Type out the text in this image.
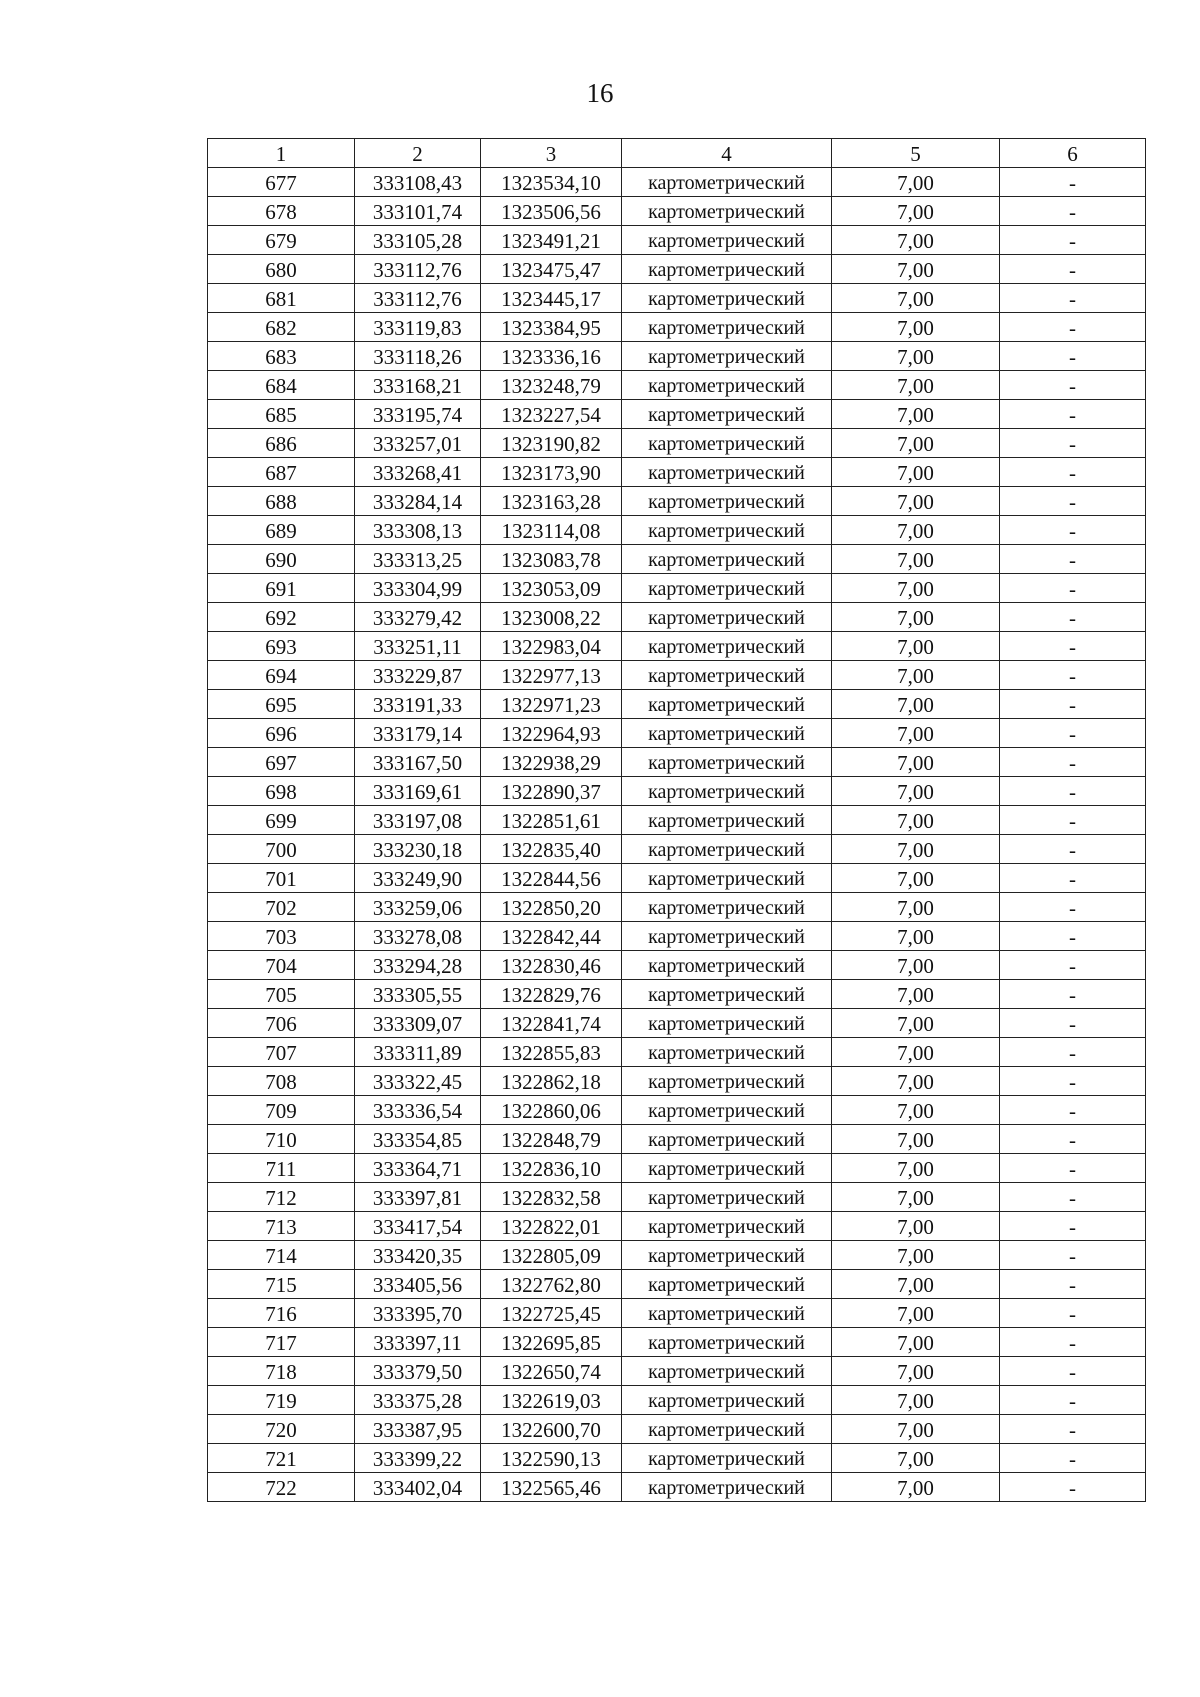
16
1	2	3	4	5	6
677	333108,43	1323534,10	картометрический	7,00	-
678	333101,74	1323506,56	картометрический	7,00	-
679	333105,28	1323491,21	картометрический	7,00	-
680	333112,76	1323475,47	картометрический	7,00	-
681	333112,76	1323445,17	картометрический	7,00	-
682	333119,83	1323384,95	картометрический	7,00	-
683	333118,26	1323336,16	картометрический	7,00	-
684	333168,21	1323248,79	картометрический	7,00	-
685	333195,74	1323227,54	картометрический	7,00	-
686	333257,01	1323190,82	картометрический	7,00	-
687	333268,41	1323173,90	картометрический	7,00	-
688	333284,14	1323163,28	картометрический	7,00	-
689	333308,13	1323114,08	картометрический	7,00	-
690	333313,25	1323083,78	картометрический	7,00	-
691	333304,99	1323053,09	картометрический	7,00	-
692	333279,42	1323008,22	картометрический	7,00	-
693	333251,11	1322983,04	картометрический	7,00	-
694	333229,87	1322977,13	картометрический	7,00	-
695	333191,33	1322971,23	картометрический	7,00	-
696	333179,14	1322964,93	картометрический	7,00	-
697	333167,50	1322938,29	картометрический	7,00	-
698	333169,61	1322890,37	картометрический	7,00	-
699	333197,08	1322851,61	картометрический	7,00	-
700	333230,18	1322835,40	картометрический	7,00	-
701	333249,90	1322844,56	картометрический	7,00	-
702	333259,06	1322850,20	картометрический	7,00	-
703	333278,08	1322842,44	картометрический	7,00	-
704	333294,28	1322830,46	картометрический	7,00	-
705	333305,55	1322829,76	картометрический	7,00	-
706	333309,07	1322841,74	картометрический	7,00	-
707	333311,89	1322855,83	картометрический	7,00	-
708	333322,45	1322862,18	картометрический	7,00	-
709	333336,54	1322860,06	картометрический	7,00	-
710	333354,85	1322848,79	картометрический	7,00	-
711	333364,71	1322836,10	картометрический	7,00	-
712	333397,81	1322832,58	картометрический	7,00	-
713	333417,54	1322822,01	картометрический	7,00	-
714	333420,35	1322805,09	картометрический	7,00	-
715	333405,56	1322762,80	картометрический	7,00	-
716	333395,70	1322725,45	картометрический	7,00	-
717	333397,11	1322695,85	картометрический	7,00	-
718	333379,50	1322650,74	картометрический	7,00	-
719	333375,28	1322619,03	картометрический	7,00	-
720	333387,95	1322600,70	картометрический	7,00	-
721	333399,22	1322590,13	картометрический	7,00	-
722	333402,04	1322565,46	картометрический	7,00	-
